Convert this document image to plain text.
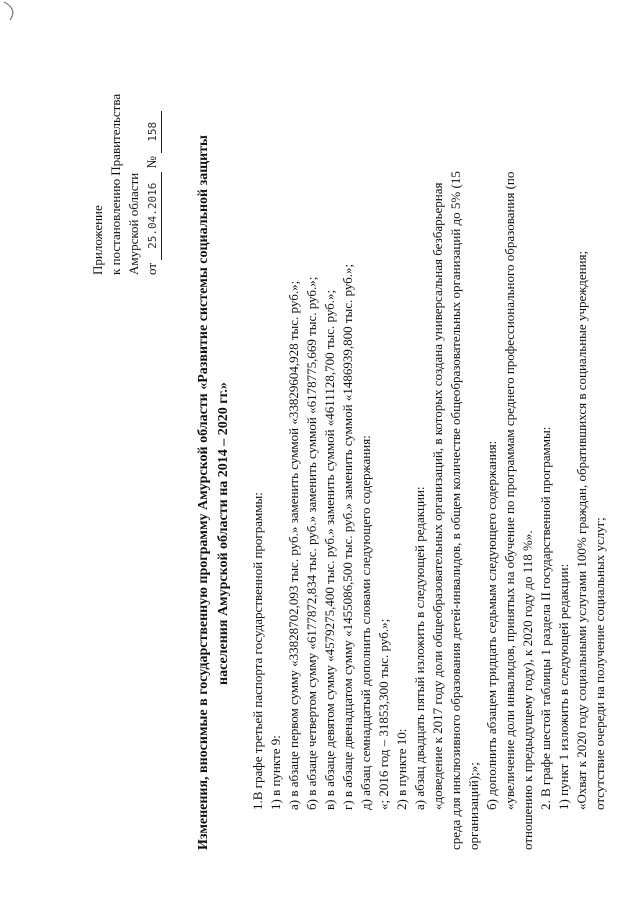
Приложение к постановлению Правительства Амурской области от 25.04.2016 № 158
Изменения, вносимые в государственную программу Амурской области «Развитие системы социальной защиты населения Амурской области на 2014 – 2020 гг.» 1.В графе третьей паспорта государственной программы: 1) в пункте 9: а) в абзаце первом сумму «33828702,093 тыс. руб.» заменить суммой «33829604,928 тыс. руб.»; б) в абзаце четвертом сумму «6177872,834 тыс. руб.» заменить суммой «6178775,669 тыс. руб.»; в) в абзаце девятом сумму «4579275,400 тыс. руб.» заменить суммой «4611128,700 тыс. руб.»; г) в абзаце двенадцатом сумму «1455086,500 тыс. руб.» заменить суммой «1486939,800 тыс. руб.»; д) абзац семнадцатый дополнить словами следующего содержания: «; 2016 год – 31853,300 тыс. руб.»; 2) в пункте 10: а) абзац двадцать пятый изложить в следующей редакции: «доведение к 2017 году доли общеобразовательных организаций, в которых создана универсальная безбарьерная среда для инклюзивного образования детей-инвалидов, в общем количестве общеобразовательных организаций до 5% (15 организаций);»; б) дополнить абзацем тридцать седьмым следующего содержания: «увеличение доли инвалидов, принятых на обучение по программам среднего профессионального образования (по отношению к предыдущему году), к 2020 году до 118 %». 2. В графе шестой таблицы 1 раздела II государственной программы: 1) пункт 1 изложить в следующей редакции: «Охват к 2020 году социальными услугами 100% граждан, обратившихся в социальные учреждения; отсутствие очереди на получение социальных услуг;
